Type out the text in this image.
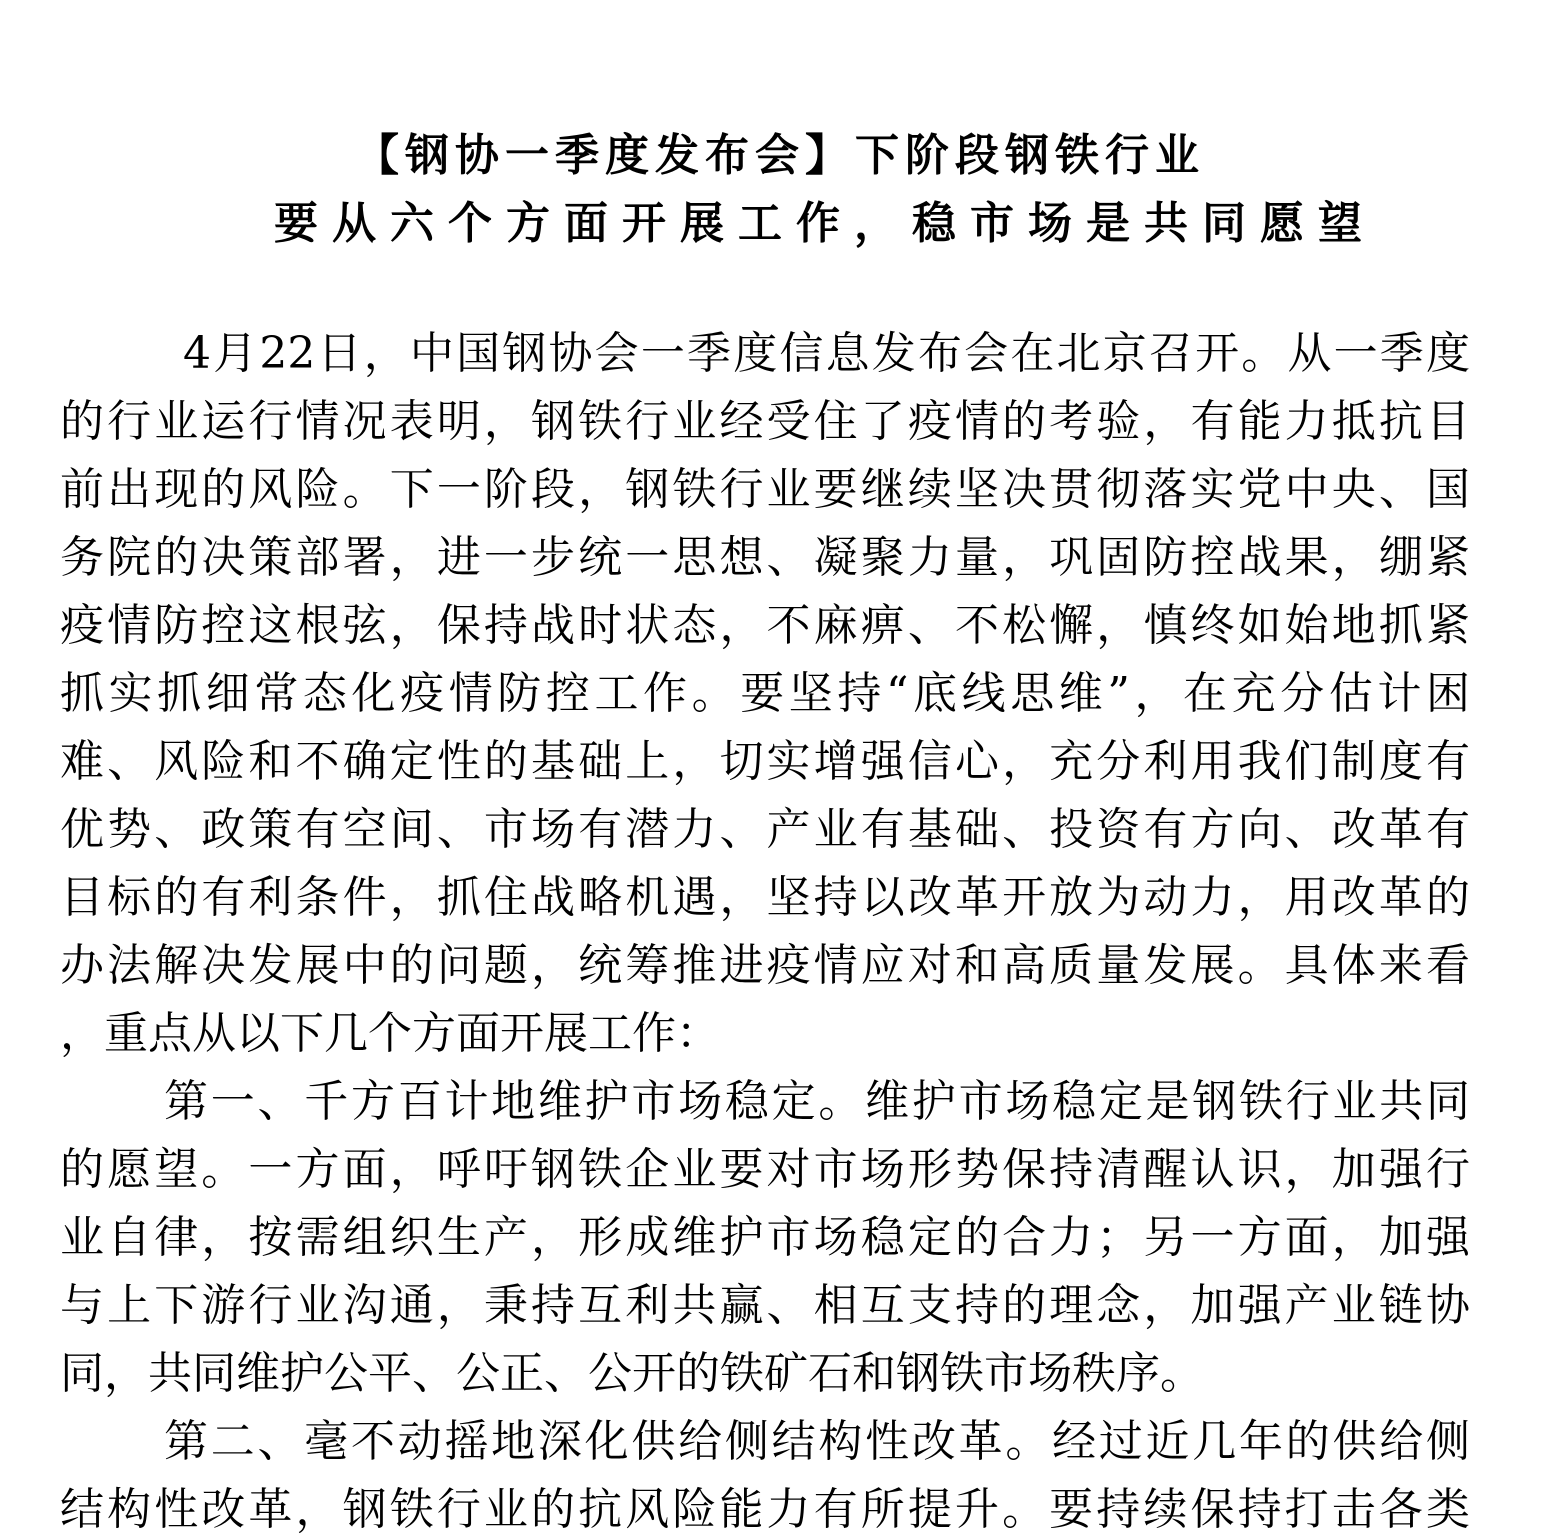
【钢协一季度发布会】下阶段钢铁行业
要从六个方面开展工作，稳市场是共同愿望
4月22日，中国钢协会一季度信息发布会在北京召开。从一季度
的行业运行情况表明，钢铁行业经受住了疫情的考验，有能力抵抗目
前出现的风险。下一阶段，钢铁行业要继续坚决贯彻落实党中央、国
务院的决策部署，进一步统一思想、凝聚力量，巩固防控战果，绷紧
疫情防控这根弦，保持战时状态，不麻痹、不松懈，慎终如始地抓紧
抓实抓细常态化疫情防控工作。要坚持“底线思维”，在充分估计困
难、风险和不确定性的基础上，切实增强信心，充分利用我们制度有
优势、政策有空间、市场有潜力、产业有基础、投资有方向、改革有
目标的有利条件，抓住战略机遇，坚持以改革开放为动力，用改革的
办法解决发展中的问题，统筹推进疫情应对和高质量发展。具体来看
，重点从以下几个方面开展工作：
第一、千方百计地维护市场稳定。维护市场稳定是钢铁行业共同
的愿望。一方面，呼吁钢铁企业要对市场形势保持清醒认识，加强行
业自律，按需组织生产，形成维护市场稳定的合力；另一方面，加强
与上下游行业沟通，秉持互利共赢、相互支持的理念，加强产业链协
同，共同维护公平、公正、公开的铁矿石和钢铁市场秩序。
第二、毫不动摇地深化供给侧结构性改革。经过近几年的供给侧
结构性改革，钢铁行业的抗风险能力有所提升。要持续保持打击各类
